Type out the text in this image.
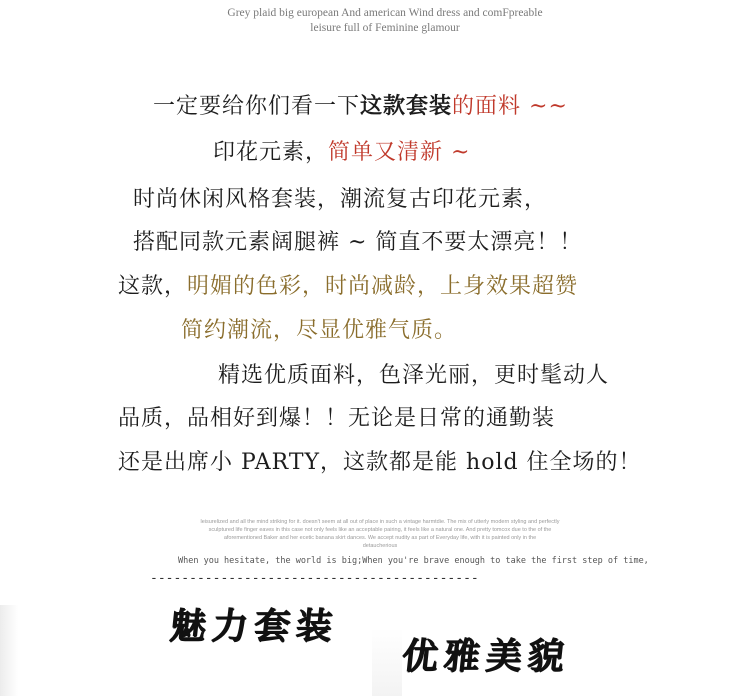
Grey plaid big european And american Wind dress and comFpreable
leisure full of Feminine glamour
一定要给你们看一下这款套装的面料 ~~
印花元素，简单又清新 ~
时尚休闲风格套装，潮流复古印花元素，
搭配同款元素阔腿裤 ~ 简直不要太漂亮！！
这款，明媚的色彩，时尚减龄，上身效果超赞
简约潮流，尽显优雅气质。
精选优质面料，色泽光丽，更时髦动人
品质，品相好到爆！！无论是日常的通勤装
还是出席小 PARTY，这款都是能 hold 住全场的！
leisurelized and all the mind striking for it. doesn't seem at all out of place in such a vintage harmtdie. The mix of utterly modern styling and perfectly
sculptured life finger eaves in this case not only feels like an acceptable pairing, it feels like a natural one. And pretty tomcox due to the of the
aforementioned Baker and her ecetic banana skirt dances. We accept nudity as part of Everyday life, with it is painted only in the
detaucherious
When you hesitate, the world is big;When you're brave enough to take the first step of time,
------------------------------------------
魅力套装
优雅美貌
